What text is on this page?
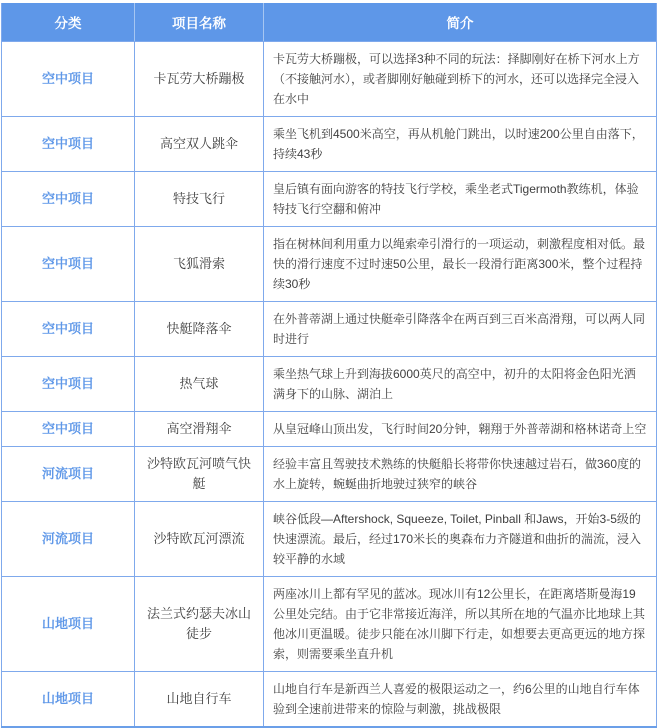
分类	项目名称	简介
空中项目	卡瓦劳大桥蹦极	卡瓦劳大桥蹦极，可以选择3种不同的玩法：择脚刚好在桥下河水上方（不接触河水），或者脚刚好触碰到桥下的河水，还可以选择完全浸入在水中
空中项目	高空双人跳伞	乘坐飞机到4500米高空，再从机舱门跳出，以时速200公里自由落下，持续43秒
空中项目	特技飞行	皇后镇有面向游客的特技飞行学校，乘坐老式Tigermoth教练机，体验特技飞行空翻和俯冲
空中项目	飞狐滑索	指在树林间利用重力以绳索牵引滑行的一项运动，刺激程度相对低。最快的滑行速度不过时速50公里，最长一段滑行距离300米，整个过程持续30秒
空中项目	快艇降落伞	在外普蒂湖上通过快艇牵引降落伞在两百到三百米高滑翔，可以两人同时进行
空中项目	热气球	乘坐热气球上升到海拔6000英尺的高空中，初升的太阳将金色阳光洒满身下的山脉、湖泊上
空中项目	高空滑翔伞	从皇冠峰山顶出发，飞行时间20分钟，翱翔于外普蒂湖和格林诺奇上空
河流项目	沙特欧瓦河喷气快艇	经验丰富且驾驶技术熟练的快艇船长将带你快速越过岩石，做360度的水上旋转，蜿蜒曲折地驶过狭窄的峡谷
河流项目	沙特欧瓦河漂流	峡谷低段—Aftershock, Squeeze, Toilet, Pinball 和Jaws，开始3-5级的快速漂流。最后，经过170米长的奥森布力齐隧道和曲折的湍流，浸入较平静的水域
山地项目	法兰式约瑟夫冰山徒步	两座冰川上都有罕见的蓝冰。现冰川有12公里长，在距离塔斯曼海19公里处完结。由于它非常接近海洋，所以其所在地的气温亦比地球上其他冰川更温暖。徒步只能在冰川脚下行走，如想要去更高更远的地方探索，则需要乘坐直升机
山地项目	山地自行车	山地自行车是新西兰人喜爱的极限运动之一，约6公里的山地自行车体验到全速前进带来的惊险与刺激，挑战极限
